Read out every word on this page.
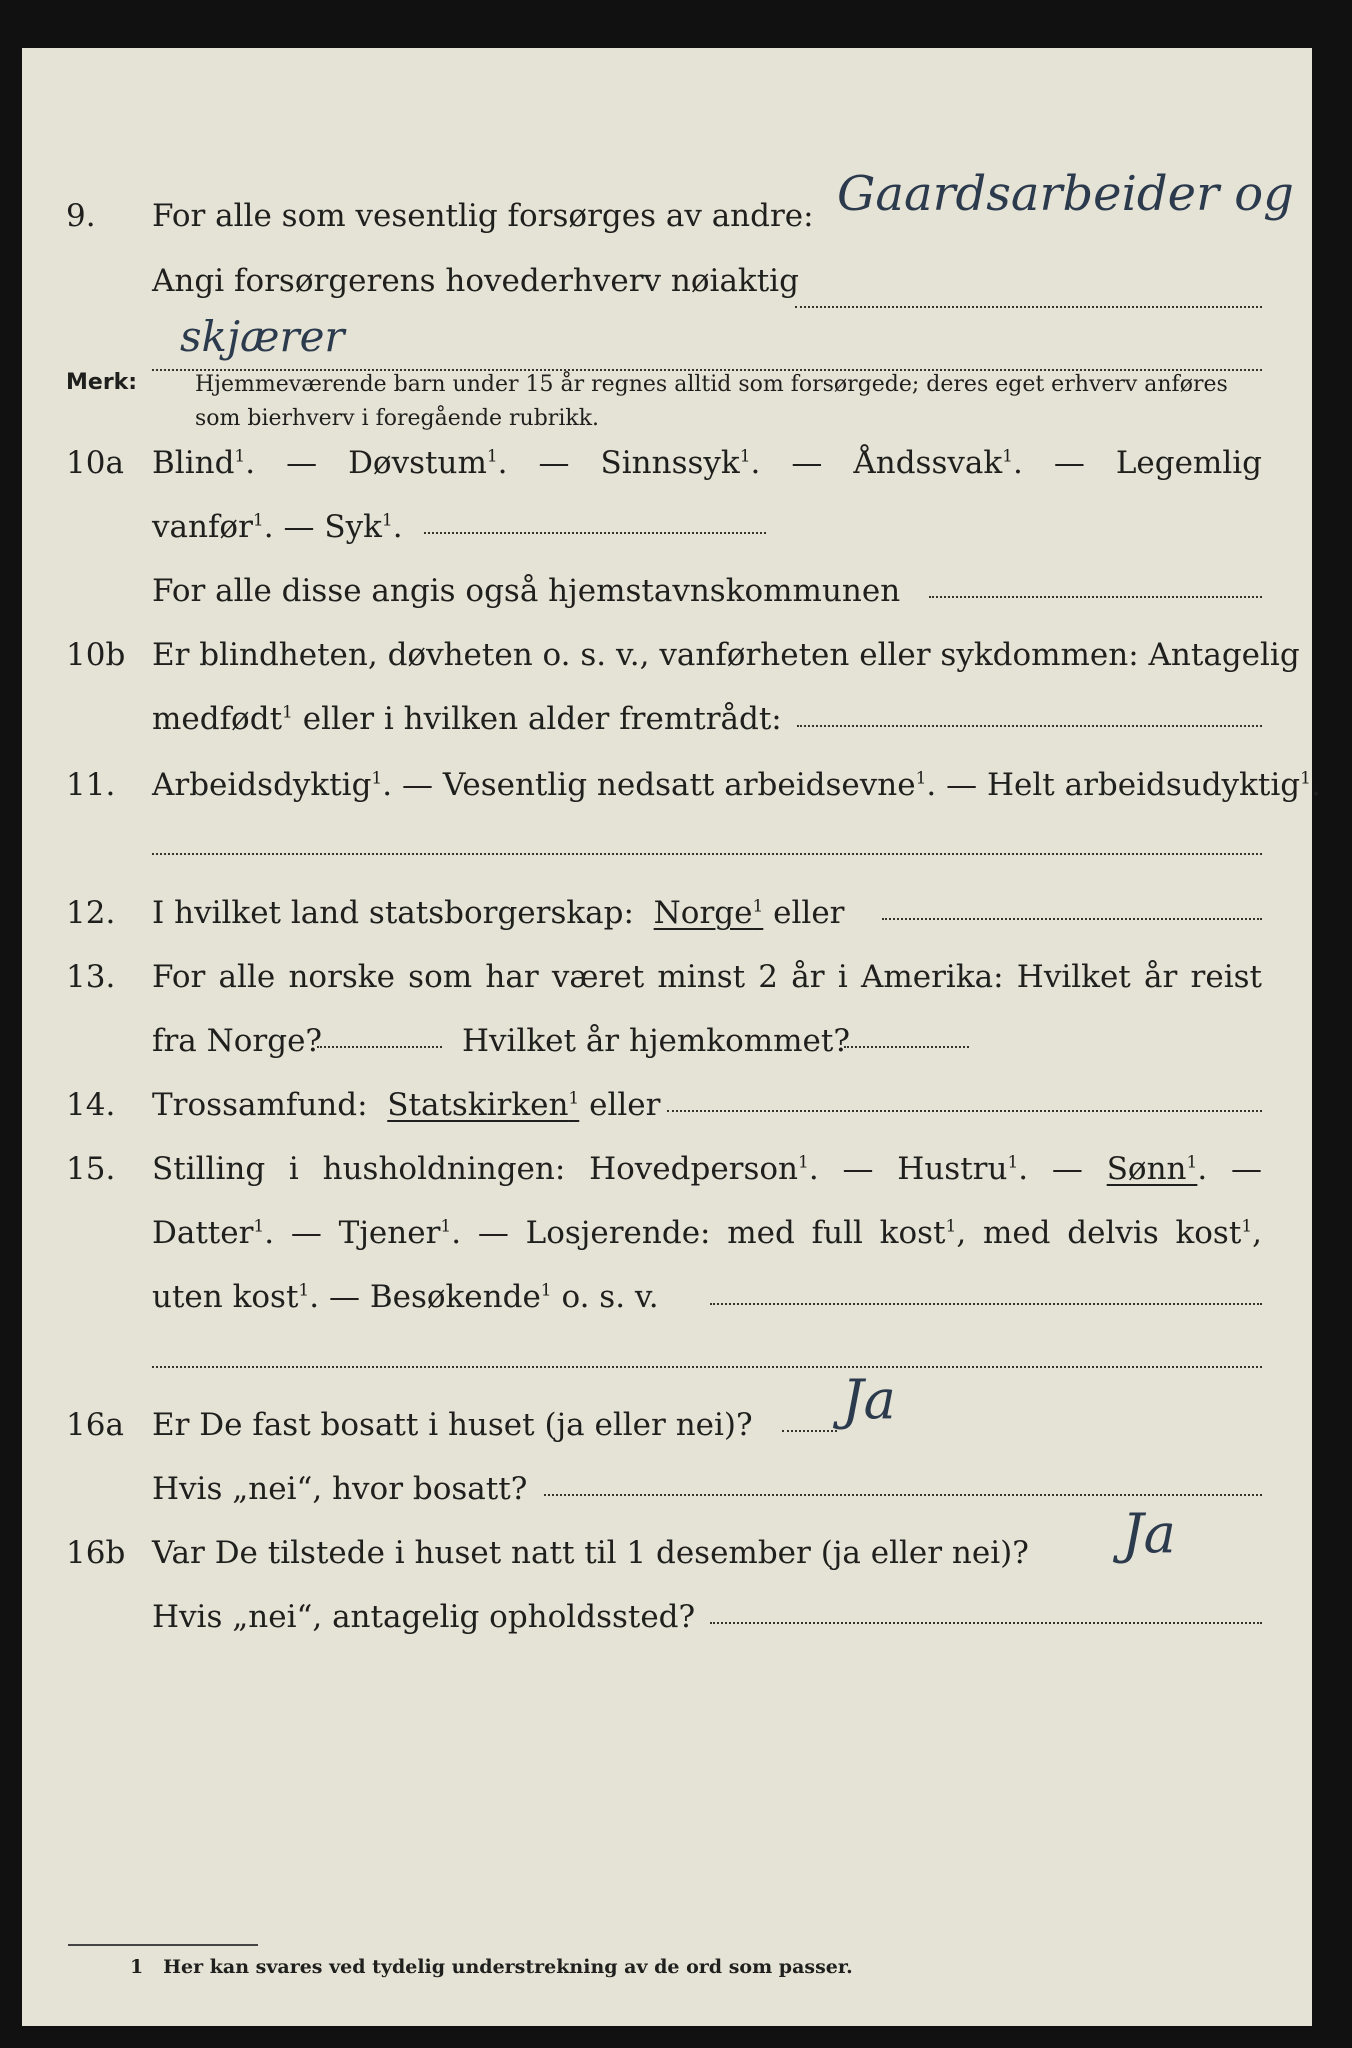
9. For alle som vesentlig forsørges av andre: Gaardsarbeider og
Angi forsørgerens hovederhverv nøiaktig
skjærer
Merk:	Hjemmeværende barn under 15 år regnes alltid som forsørgede; deres eget erhverv anføres som bierhverv i foregående rubrikk.
10a Blind$^1$. — Døvstum$^1$. — Sinnssyk$^1$. — Åndssvak$^1$. — Legemlig
vanfør$^1$. — Syk$^1$.
For alle disse angis også hjemstavnskommunen
10b Er blindheten, døvheten o. s. v., vanførheten eller sykdommen: Antagelig
medfødt$^1$ eller i hvilken alder fremtrådt:
11. Arbeidsdyktig$^1$. — Vesentlig nedsatt arbeidsevne$^1$. — Helt arbeidsudyktig$^1$.
12. I hvilket land statsborgerskap: Norge$^1$ eller
13. For alle norske som har været minst 2 år i Amerika: Hvilket år reist
fra Norge?	Hvilket år hjemkommet?
14. Trossamfund: Statskirken$^1$ eller
15. Stilling i husholdningen: Hovedperson$^1$. — Hustru$^1$. — Sønn$^1$. —
Datter$^1$. — Tjener$^1$. — Losjerende: med full kost$^1$, med delvis kost$^1$,
uten kost$^1$. — Besøkende$^1$ o. s. v.
16a Er De fast bosatt i huset (ja eller nei)? Ja
Hvis „nei“, hvor bosatt?
16b Var De tilstede i huset natt til 1 desember (ja eller nei)? Ja
Hvis „nei“, antagelig opholdssted?
1 Her kan svares ved tydelig understrekning av de ord som passer.
